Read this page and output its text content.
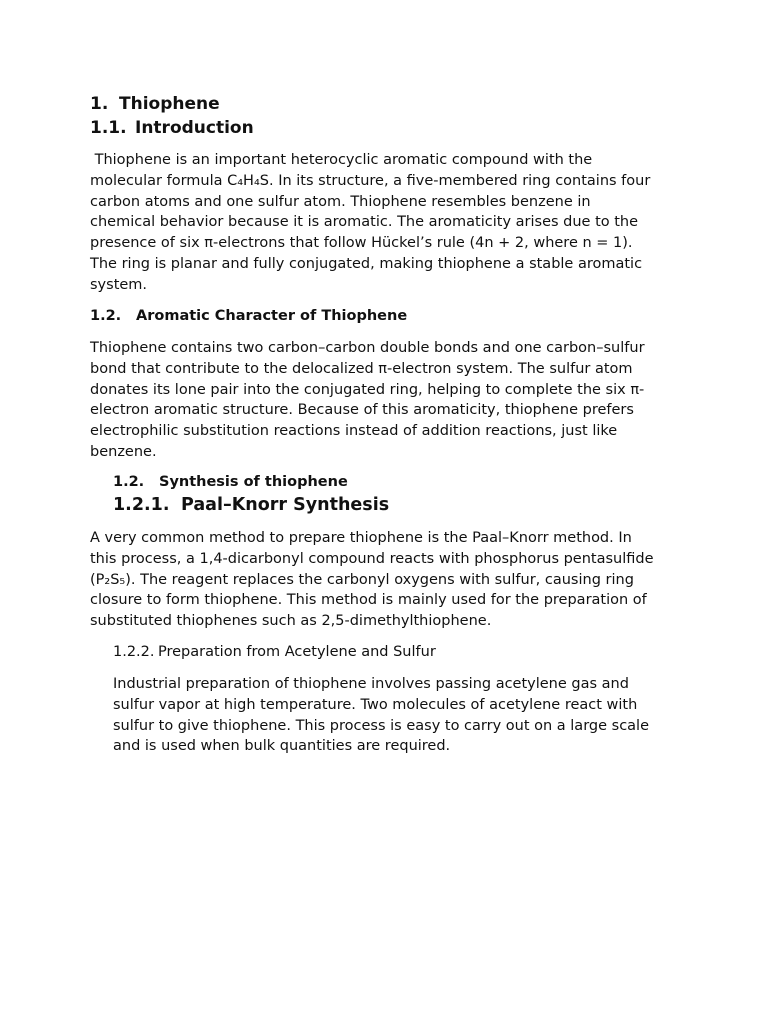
1. Thiophene
1.1. Introduction
Thiophene is an important heterocyclic aromatic compound with the
molecular formula C₄H₄S. In its structure, a five-membered ring contains four
carbon atoms and one sulfur atom. Thiophene resembles benzene in
chemical behavior because it is aromatic. The aromaticity arises due to the
presence of six π-electrons that follow Hückel’s rule (4n + 2, where n = 1).
The ring is planar and fully conjugated, making thiophene a stable aromatic
system.
1.2. Aromatic Character of Thiophene
Thiophene contains two carbon–carbon double bonds and one carbon–sulfur
bond that contribute to the delocalized π-electron system. The sulfur atom
donates its lone pair into the conjugated ring, helping to complete the six π-
electron aromatic structure. Because of this aromaticity, thiophene prefers
electrophilic substitution reactions instead of addition reactions, just like
benzene.
1.2. Synthesis of thiophene
1.2.1. Paal–Knorr Synthesis
A very common method to prepare thiophene is the Paal–Knorr method. In
this process, a 1,4-dicarbonyl compound reacts with phosphorus pentasulfide
(P₂S₅). The reagent replaces the carbonyl oxygens with sulfur, causing ring
closure to form thiophene. This method is mainly used for the preparation of
substituted thiophenes such as 2,5-dimethylthiophene.
1.2.2. Preparation from Acetylene and Sulfur
Industrial preparation of thiophene involves passing acetylene gas and
sulfur vapor at high temperature. Two molecules of acetylene react with
sulfur to give thiophene. This process is easy to carry out on a large scale
and is used when bulk quantities are required.
